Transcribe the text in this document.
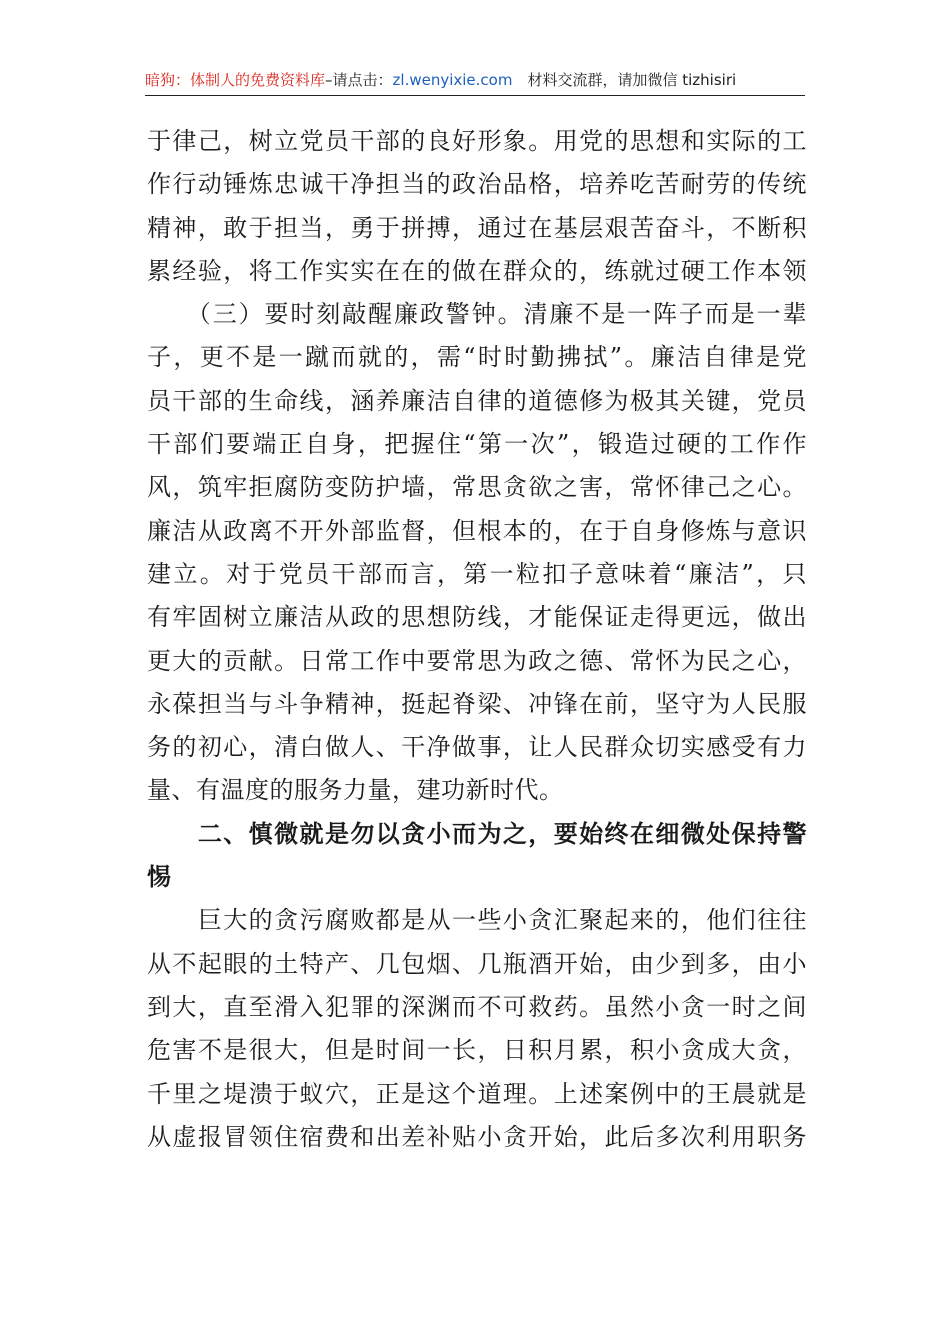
暗狗：体制人的免费资料库–请点击：zl.wenyixie.com　 材料交流群，请加微信 tizhisiri
于律己，树立党员干部的良好形象。用党的思想和实际的工
作行动锤炼忠诚干净担当的政治品格，培养吃苦耐劳的传统
精神，敢于担当，勇于拼搏，通过在基层艰苦奋斗，不断积
累经验，将工作实实在在的做在群众的，练就过硬工作本领
　　（三）要时刻敲醒廉政警钟。清廉不是一阵子而是一辈
子，更不是一蹴而就的，需“时时勤拂拭”。廉洁自律是党
员干部的生命线，涵养廉洁自律的道德修为极其关键，党员
干部们要端正自身，把握住“第一次”，锻造过硬的工作作
风，筑牢拒腐防变防护墙，常思贪欲之害，常怀律己之心。
廉洁从政离不开外部监督，但根本的，在于自身修炼与意识
建立。对于党员干部而言，第一粒扣子意味着“廉洁”，只
有牢固树立廉洁从政的思想防线，才能保证走得更远，做出
更大的贡献。日常工作中要常思为政之德、常怀为民之心，
永葆担当与斗争精神，挺起脊梁、冲锋在前，坚守为人民服
务的初心，清白做人、干净做事，让人民群众切实感受有力
量、有温度的服务力量，建功新时代。
　　二、慎微就是勿以贪小而为之，要始终在细微处保持警
惕
　　巨大的贪污腐败都是从一些小贪汇聚起来的，他们往往
从不起眼的土特产、几包烟、几瓶酒开始，由少到多，由小
到大，直至滑入犯罪的深渊而不可救药。虽然小贪一时之间
危害不是很大，但是时间一长，日积月累，积小贪成大贪，
千里之堤溃于蚁穴，正是这个道理。上述案例中的王晨就是
从虚报冒领住宿费和出差补贴小贪开始，此后多次利用职务
